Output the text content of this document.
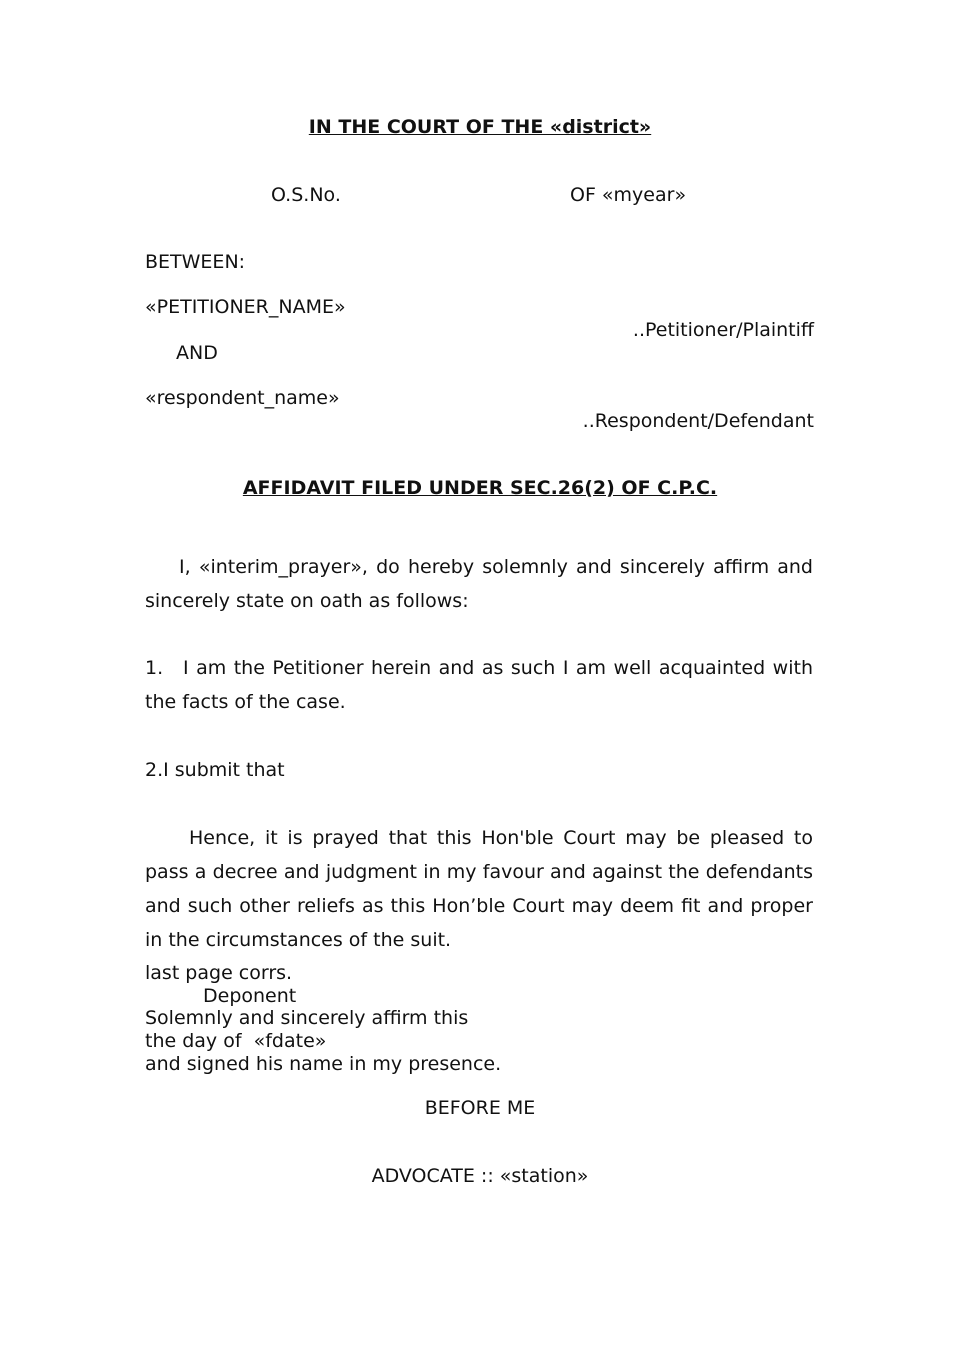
IN THE COURT OF THE «district»
O.S.No.	OF «myear»
BETWEEN:
«PETITIONER_NAME»
..Petitioner/Plaintiff
AND
«respondent_name»
..Respondent/Defendant
AFFIDAVIT FILED UNDER SEC.26(2) OF C.P.C.
I, «interim_prayer», do hereby solemnly and sincerely affirm and sincerely state on oath as follows:
1. I am the Petitioner herein and as such I am well acquainted with the facts of the case.
2.I submit that
Hence, it is prayed that this Hon'ble Court may be pleased to pass a decree and judgment in my favour and against the defendants and such other reliefs as this Hon’ble Court may deem fit and proper in the circumstances of the suit.
last page corrs.
Deponent
Solemnly and sincerely affirm this
the day of  «fdate»
and signed his name in my presence.
BEFORE ME
ADVOCATE :: «station»
